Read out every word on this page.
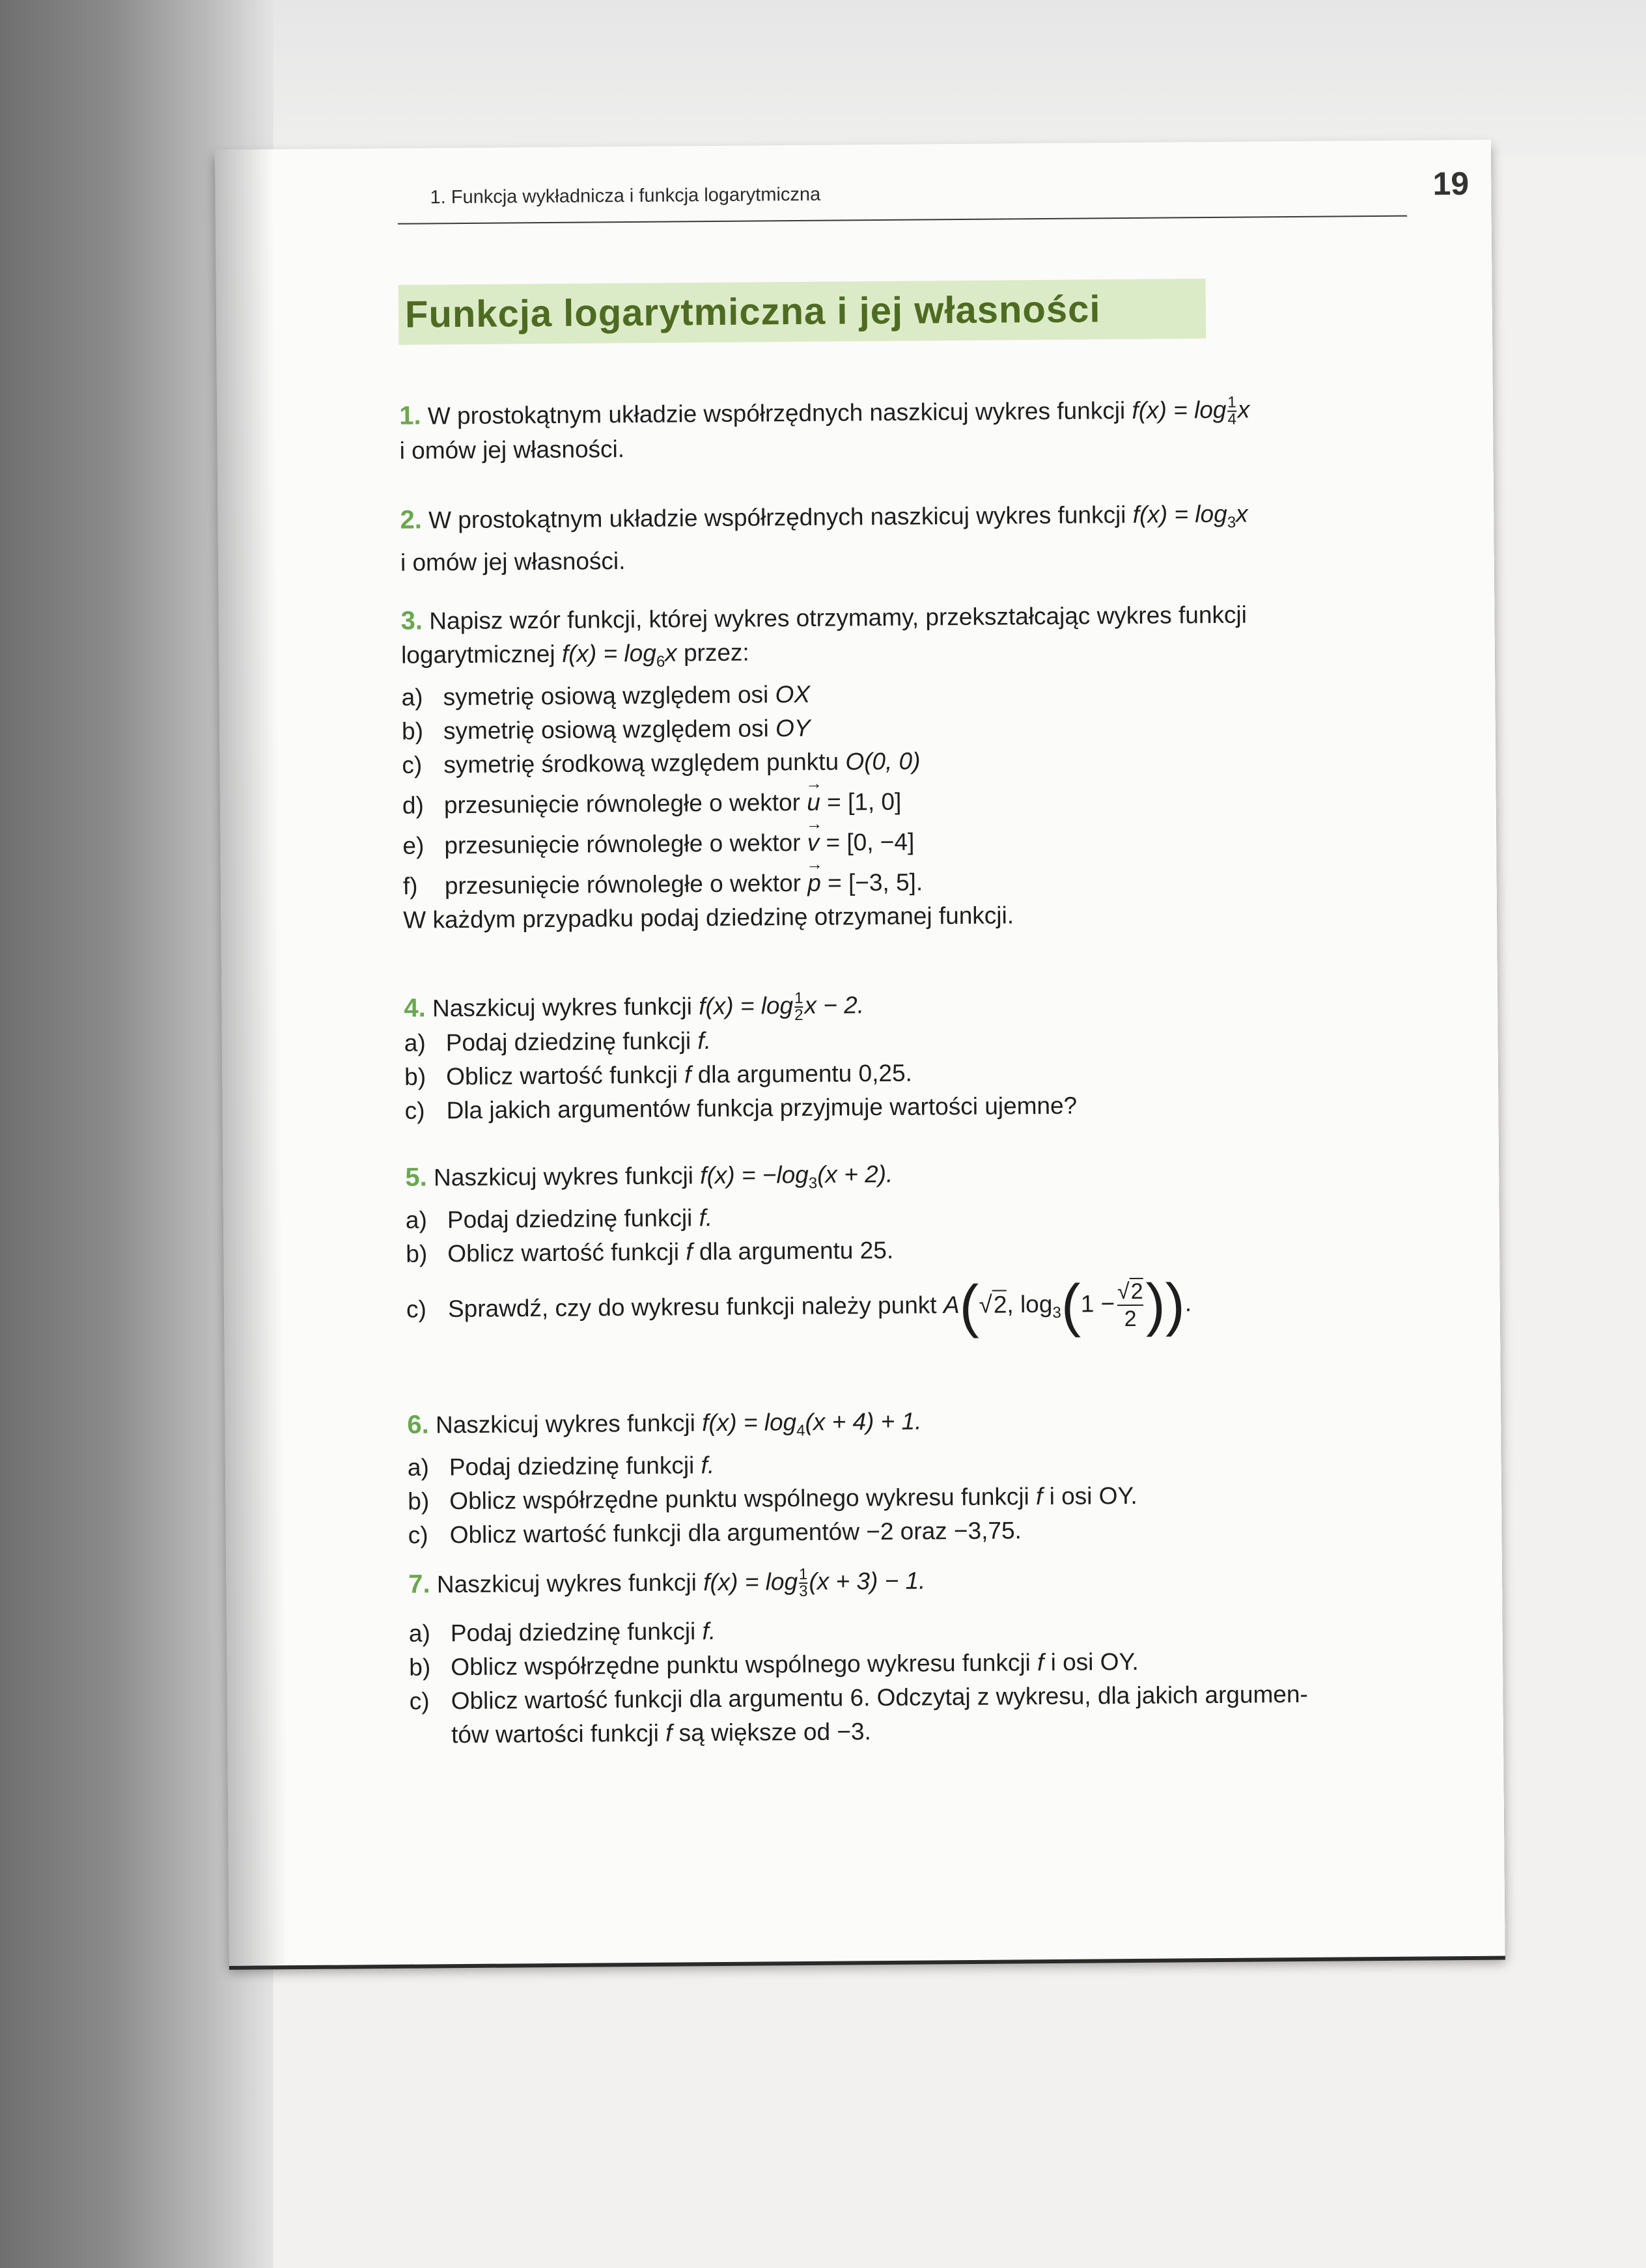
1. Funkcja wykładnicza i funkcja logarytmiczna	19
Funkcja logarytmiczna i jej własności
1. W prostokątnym układzie współrzędnych naszkicuj wykres funkcji $f(x) = \log \frac{1}{4}$ x
i omów jej własności.
2. W prostokątnym układzie współrzędnych naszkicuj wykres funkcji $f(x) = \log_3x$
i omów jej własności.
3. Napisz wzór funkcji, której wykres otrzymamy, przekształcając wykres funkcji
logarytmicznej $f(x) = \log_6x$ przez:
a) symetrię osiową względem osi OX
b) symetrię osiową względem osi OY
c) symetrię środkową względem punktu O(0, 0)
d) przesunięcie równoległe o wektor → u = [1, 0]
e) przesunięcie równoległe o wektor → v = [0, −4]
f) przesunięcie równoległe o wektor → p = [−3, 5].
W każdym przypadku podaj dziedzinę otrzymanej funkcji.
4. Naszkicuj wykres funkcji $f(x) = \log \frac{1}{2}$ x − 2.
a) Podaj dziedzinę funkcji f.
b) Oblicz wartość funkcji f dla argumentu 0,25.
c) Dla jakich argumentów funkcja przyjmuje wartości ujemne?
5. Naszkicuj wykres funkcji $f(x) = -\log_3(x + 2)$.
a) Podaj dziedzinę funkcji f.
b) Oblicz wartość funkcji f dla argumentu 25.
c) Sprawdź, czy do wykresu funkcji należy punkt A(√2, $\log_3(1 - \frac{√2}{2}$ )).
6. Naszkicuj wykres funkcji $f(x) = \log_4(x + 4) + 1$.
a) Podaj dziedzinę funkcji f.
b) Oblicz współrzędne punktu wspólnego wykresu funkcji f i osi OY.
c) Oblicz wartość funkcji dla argumentów −2 oraz −3,75.
7. Naszkicuj wykres funkcji $f(x) = \log \frac{1}{3} (x + 3) - 1$.
a) Podaj dziedzinę funkcji f.
b) Oblicz współrzędne punktu wspólnego wykresu funkcji f i osi OY.
c) Oblicz wartość funkcji dla argumentu 6. Odczytaj z wykresu, dla jakich argumen-
tów wartości funkcji f są większe od −3.
